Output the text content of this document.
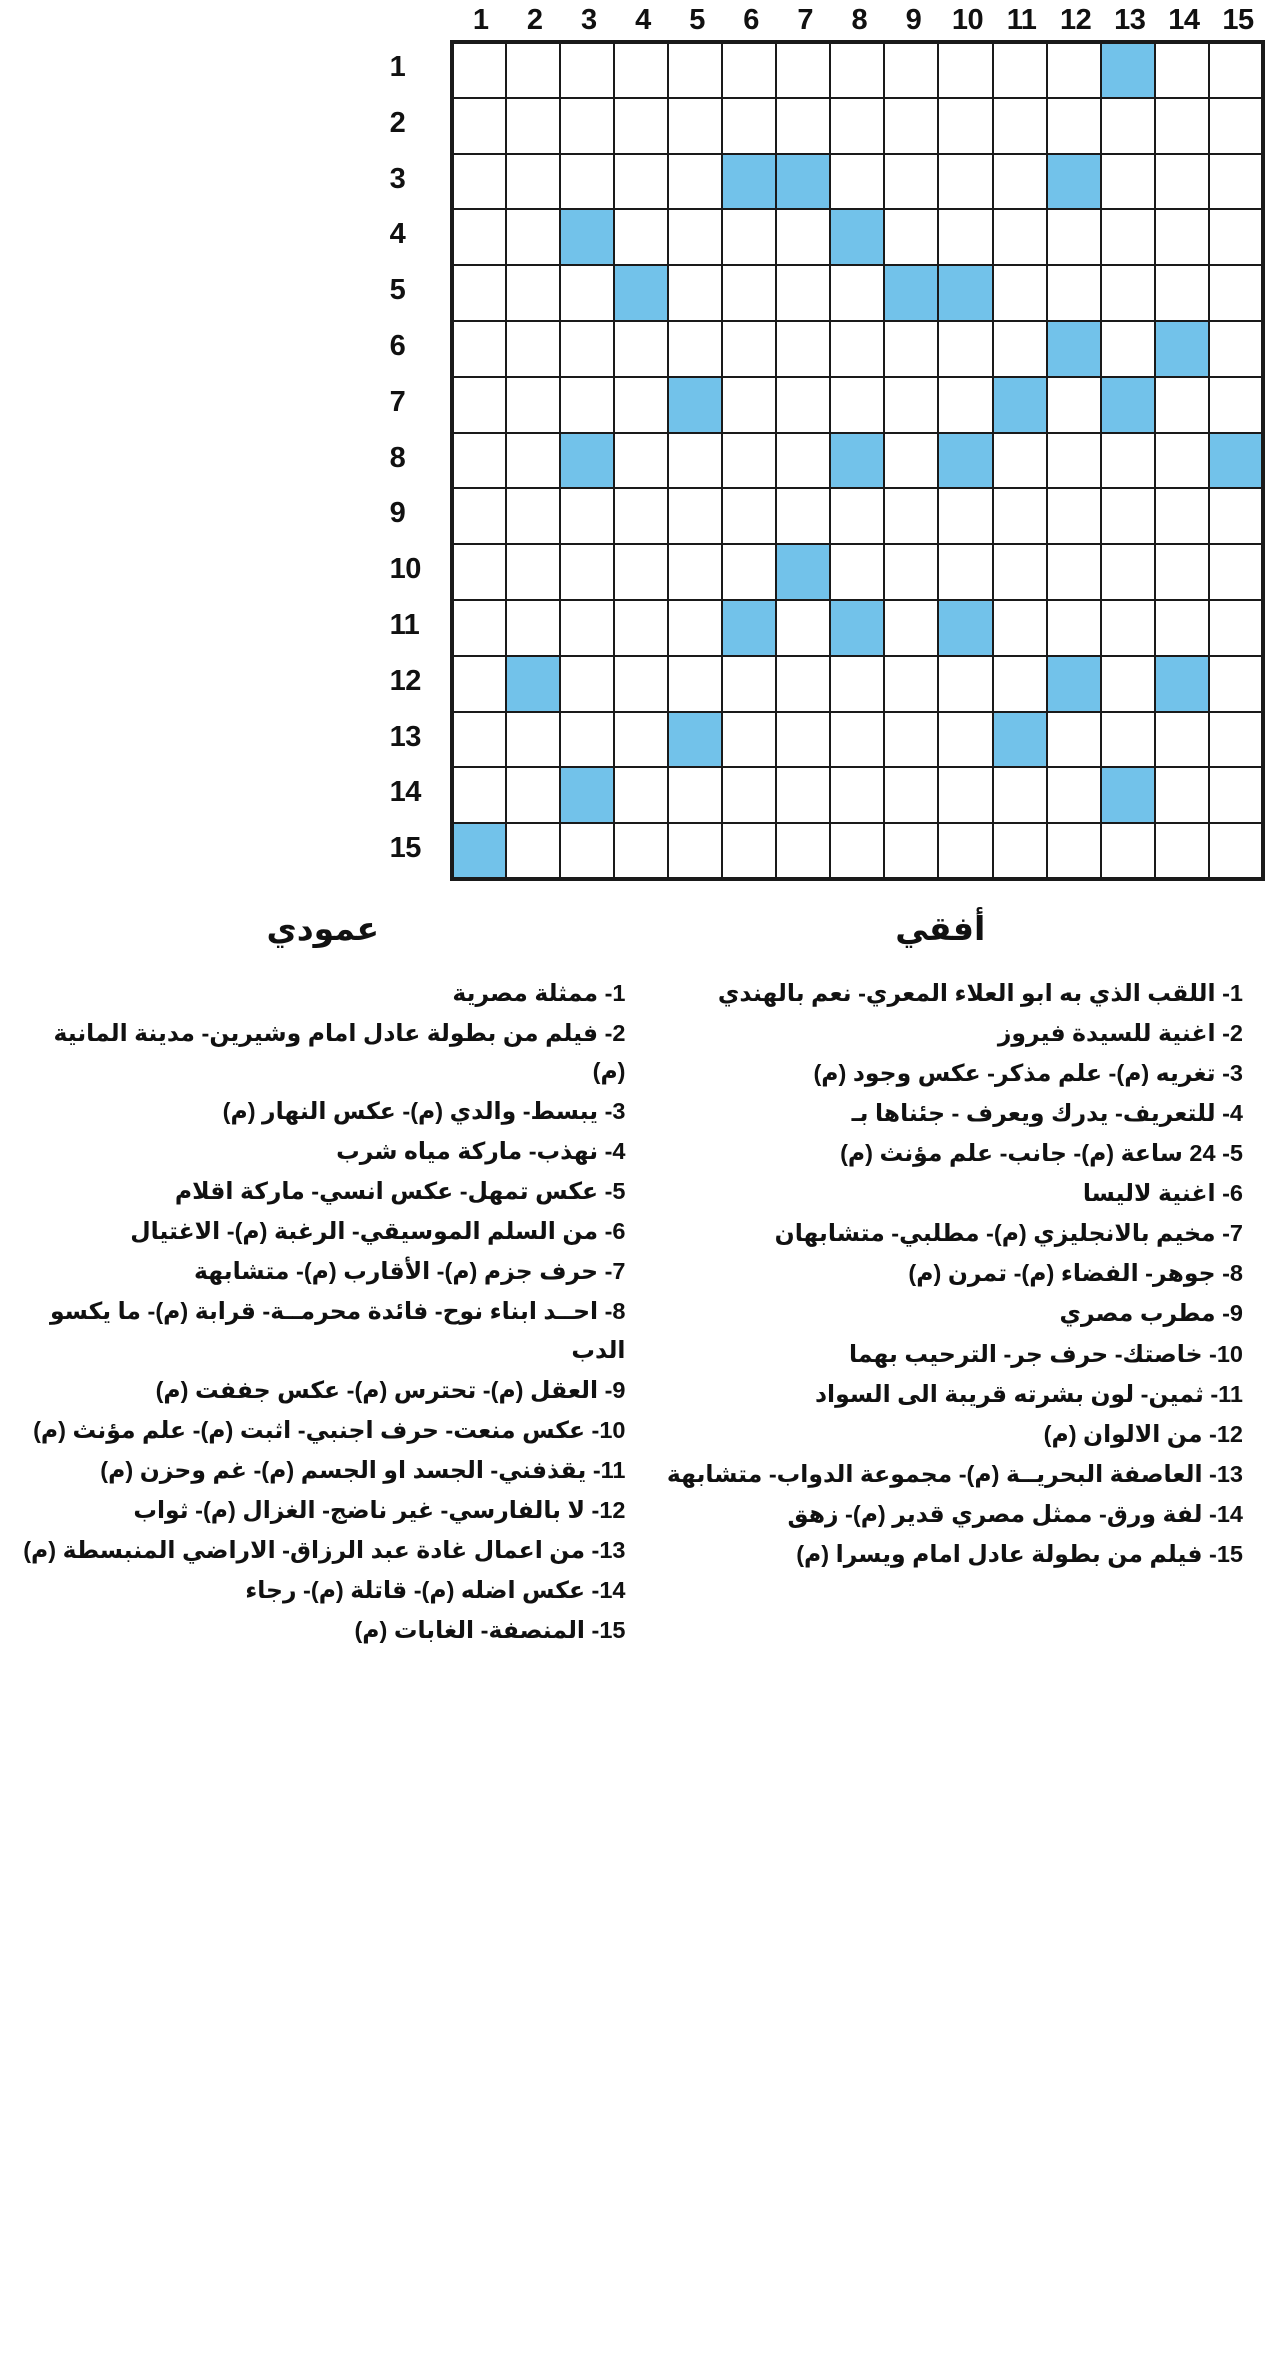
15
14
13
12
11
10
9
8
7
6
5
4
3
2
1

1
2
3
4
5
6
7
8
9
10
11
12
13
14
15
عمودي
1- ممثلة مصرية
2- فيلم من بطولة عادل امام وشيرين- مدينة المانية (م)
3- يبسط- والدي (م)- عكس النهار (م)
4- نهذب- ماركة مياه شرب
5- عكس تمهل- عكس انسي- ماركة اقلام
6- من السلم الموسيقي- الرغبة (م)- الاغتيال
7- حرف جزم (م)- الأقارب (م)- متشابهة
8- احــد ابناء نوح- فائدة محرمــة- قرابة (م)- ما يكسو الدب
9- العقل (م)- تحترس (م)- عكس جففت (م)
10- عكس منعت- حرف اجنبي- اثبت (م)- علم مؤنث (م)
11- يقذفني- الجسد او الجسم (م)- غم وحزن (م)
12- لا بالفارسي- غير ناضج- الغزال (م)- ثواب
13- من اعمال غادة عبد الرزاق- الاراضي المنبسطة (م)
14- عكس اضله (م)- قاتلة (م)- رجاء
15- المنصفة- الغابات (م)
أفقي
1- اللقب الذي به ابو العلاء المعري- نعم بالهندي
2- اغنية للسيدة فيروز
3- تغريه (م)- علم مذكر- عكس وجود (م)
4- للتعريف- يدرك ويعرف - جئناها بـ
5- 24 ساعة (م)- جانب- علم مؤنث (م)
6- اغنية لاليسا
7- مخيم بالانجليزي (م)- مطلبي- متشابهان
8- جوهر- الفضاء (م)- تمرن (م)
9- مطرب مصري
10- خاصتك- حرف جر- الترحيب بهما
11- ثمين- لون بشرته قريبة الى السواد
12- من الالوان (م)
13- العاصفة البحريــة (م)- مجموعة الدواب- متشابهة
14- لفة ورق- ممثل مصري قدير (م)- زهق
15- فيلم من بطولة عادل امام ويسرا (م)
